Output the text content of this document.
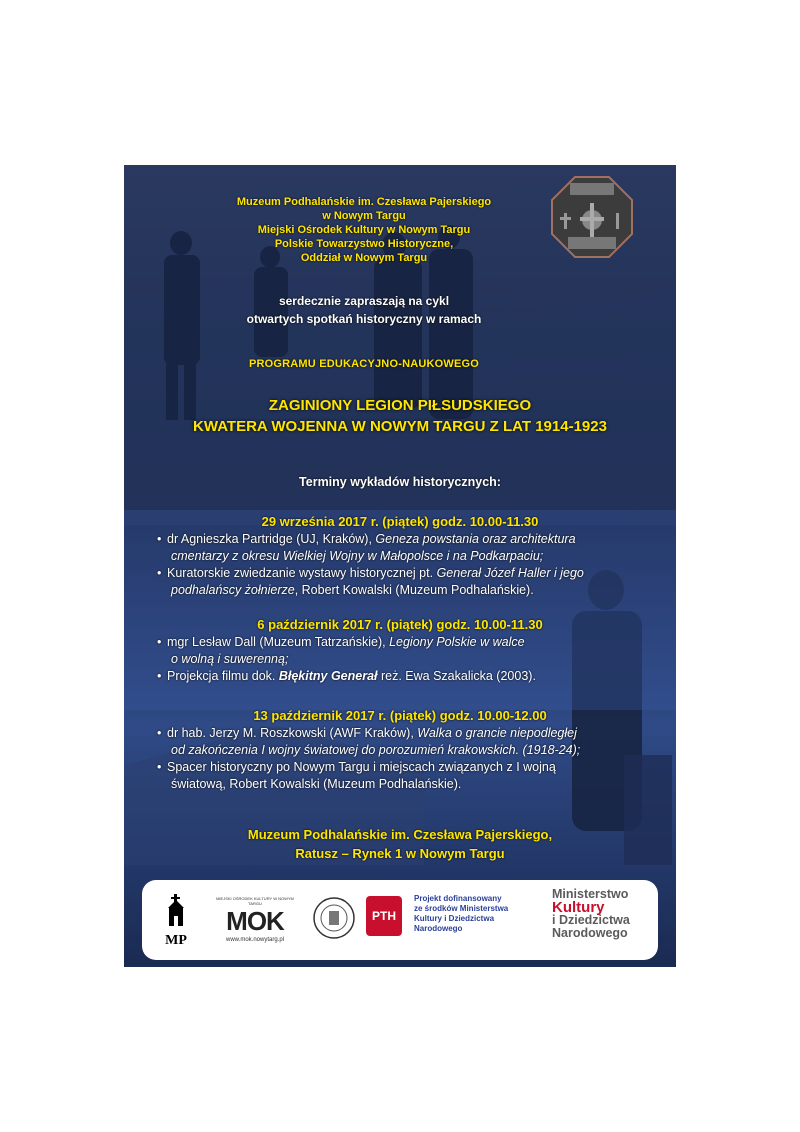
Muzeum Podhalańskie im. Czesława Pajerskiego
w Nowym Targu
Miejski Ośrodek Kultury w Nowym Targu
Polskie Towarzystwo Historyczne,
Oddział w Nowym Targu
serdecznie zapraszają na cykl
otwartych spotkań historyczny w ramach
PROGRAMU EDUKACYJNO-NAUKOWEGO
ZAGINIONY LEGION PIŁSUDSKIEGO
KWATERA WOJENNA W NOWYM TARGU Z LAT 1914-1923
Terminy wykładów historycznych:
29 września 2017 r. (piątek) godz. 10.00-11.30
• dr Agnieszka Partridge (UJ, Kraków), Geneza powstania oraz architektura
cmentarzy z okresu Wielkiej Wojny w Małopolsce i na Podkarpaciu;
• Kuratorskie zwiedzanie wystawy historycznej pt. Generał Józef Haller i jego
podhalańscy żołnierze, Robert Kowalski (Muzeum Podhalańskie).
6 październik 2017 r. (piątek) godz. 10.00-11.30
• mgr Lesław Dall (Muzeum Tatrzańskie), Legiony Polskie w walce
o wolną i suwerenną;
• Projekcja filmu dok. Błękitny Generał reż. Ewa Szakalicka (2003).
13 październik 2017 r. (piątek) godz. 10.00-12.00
• dr hab. Jerzy M. Roszkowski (AWF Kraków), Walka o grancie niepodległej
od zakończenia I wojny światowej do porozumień krakowskich. (1918-24);
• Spacer historyczny po Nowym Targu i miejscach związanych z I wojną
światową, Robert Kowalski (Muzeum Podhalańskie).
Muzeum Podhalańskie im. Czesława Pajerskiego,
Ratusz – Rynek 1 w Nowym Targu
MP
MIEJSKI OŚRODEK KULTURY W NOWYM TARGU
MOK
www.mok.nowytarg.pl
PTH
Projekt dofinansowany
ze środków Ministerstwa
Kultury i Dziedzictwa
Narodowego
Ministerstwo
Kultury
i Dziedzictwa
Narodowego
